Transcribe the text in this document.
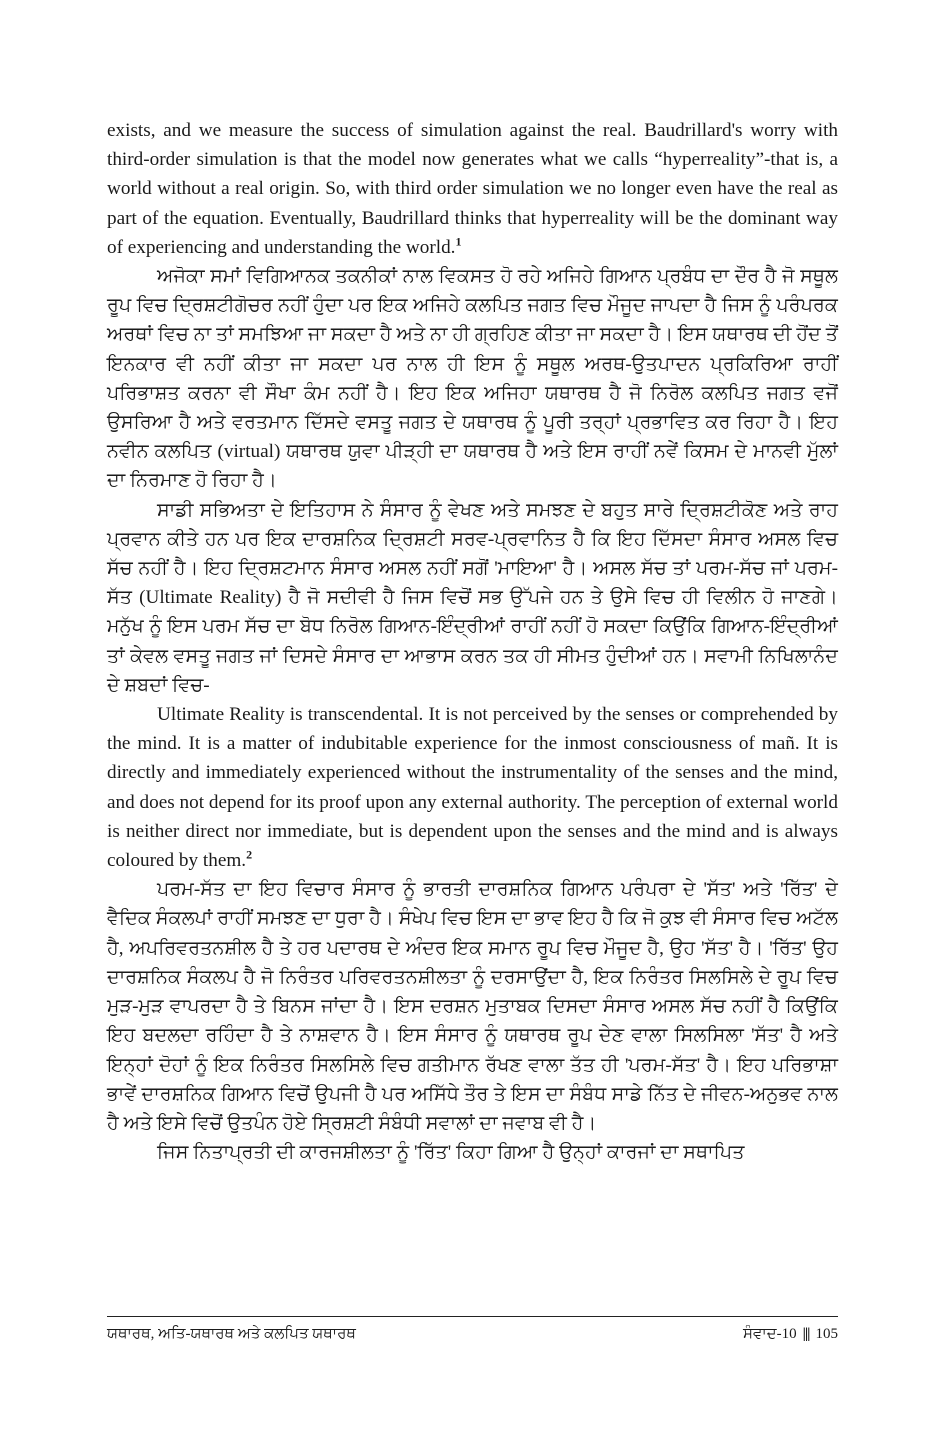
exists, and we measure the success of simulation against the real. Baudrillard's worry with third-order simulation is that the model now generates what we calls “hyperreality”-that is, a world without a real origin. So, with third order simulation we no longer even have the real as part of the equation. Eventually, Baudrillard thinks that hyperreality will be the dominant way of experiencing and understanding the world.$^1$

ਅਜੋਕਾ ਸਮਾਂ ਵਿਗਿਆਨਕ ਤਕਨੀਕਾਂ ਨਾਲ ਵਿਕਸਤ ਹੋ ਰਹੇ ਅਜਿਹੇ ਗਿਆਨ ਪ੍ਰਬੰਧ ਦਾ ਦੌਰ ਹੈ ਜੋ ਸਥੂਲ ਰੂਪ ਵਿਚ ਦ੍ਰਿਸ਼ਟੀਗੋਚਰ ਨਹੀਂ ਹੁੰਦਾ ਪਰ ਇਕ ਅਜਿਹੇ ਕਲਪਿਤ ਜਗਤ ਵਿਚ ਮੌਜੂਦ ਜਾਪਦਾ ਹੈ ਜਿਸ ਨੂੰ ਪਰੰਪਰਕ ਅਰਥਾਂ ਵਿਚ ਨਾ ਤਾਂ ਸਮਝਿਆ ਜਾ ਸਕਦਾ ਹੈ ਅਤੇ ਨਾ ਹੀ ਗ੍ਰਹਿਣ ਕੀਤਾ ਜਾ ਸਕਦਾ ਹੈ। ਇਸ ਯਥਾਰਥ ਦੀ ਹੋਂਦ ਤੋਂ ਇਨਕਾਰ ਵੀ ਨਹੀਂ ਕੀਤਾ ਜਾ ਸਕਦਾ ਪਰ ਨਾਲ ਹੀ ਇਸ ਨੂੰ ਸਥੂਲ ਅਰਥ-ਉਤਪਾਦਨ ਪ੍ਰਕਿਰਿਆ ਰਾਹੀਂ ਪਰਿਭਾਸ਼ਤ ਕਰਨਾ ਵੀ ਸੌਖਾ ਕੰਮ ਨਹੀਂ ਹੈ। ਇਹ ਇਕ ਅਜਿਹਾ ਯਥਾਰਥ ਹੈ ਜੋ ਨਿਰੋਲ ਕਲਪਿਤ ਜਗਤ ਵਜੋਂ ਉਸਰਿਆ ਹੈ ਅਤੇ ਵਰਤਮਾਨ ਦਿੱਸਦੇ ਵਸਤੂ ਜਗਤ ਦੇ ਯਥਾਰਥ ਨੂੰ ਪੂਰੀ ਤਰ੍ਹਾਂ ਪ੍ਰਭਾਵਿਤ ਕਰ ਰਿਹਾ ਹੈ। ਇਹ ਨਵੀਨ ਕਲਪਿਤ (virtual) ਯਥਾਰਥ ਯੁਵਾ ਪੀੜ੍ਹੀ ਦਾ ਯਥਾਰਥ ਹੈ ਅਤੇ ਇਸ ਰਾਹੀਂ ਨਵੇਂ ਕਿਸਮ ਦੇ ਮਾਨਵੀ ਮੁੱਲਾਂ ਦਾ ਨਿਰਮਾਣ ਹੋ ਰਿਹਾ ਹੈ।

ਸਾਡੀ ਸਭਿਅਤਾ ਦੇ ਇਤਿਹਾਸ ਨੇ ਸੰਸਾਰ ਨੂੰ ਵੇਖਣ ਅਤੇ ਸਮਝਣ ਦੇ ਬਹੁਤ ਸਾਰੇ ਦ੍ਰਿਸ਼ਟੀਕੋਣ ਅਤੇ ਰਾਹ ਪ੍ਰਵਾਨ ਕੀਤੇ ਹਨ ਪਰ ਇਕ ਦਾਰਸ਼ਨਿਕ ਦ੍ਰਿਸ਼ਟੀ ਸਰਵ-ਪ੍ਰਵਾਨਿਤ ਹੈ ਕਿ ਇਹ ਦਿੱਸਦਾ ਸੰਸਾਰ ਅਸਲ ਵਿਚ ਸੱਚ ਨਹੀਂ ਹੈ। ਇਹ ਦ੍ਰਿਸ਼ਟਮਾਨ ਸੰਸਾਰ ਅਸਲ ਨਹੀਂ ਸਗੋਂ 'ਮਾਇਆ' ਹੈ। ਅਸਲ ਸੱਚ ਤਾਂ ਪਰਮ-ਸੱਚ ਜਾਂ ਪਰਮ-ਸੱਤ (Ultimate Reality) ਹੈ ਜੋ ਸਦੀਵੀ ਹੈ ਜਿਸ ਵਿਚੋਂ ਸਭ ਉੱਪਜੇ ਹਨ ਤੇ ਉਸੇ ਵਿਚ ਹੀ ਵਿਲੀਨ ਹੋ ਜਾਣਗੇ। ਮਨੁੱਖ ਨੂੰ ਇਸ ਪਰਮ ਸੱਚ ਦਾ ਬੋਧ ਨਿਰੋਲ ਗਿਆਨ-ਇੰਦ੍ਰੀਆਂ ਰਾਹੀਂ ਨਹੀਂ ਹੋ ਸਕਦਾ ਕਿਉਂਕਿ ਗਿਆਨ-ਇੰਦ੍ਰੀਆਂ ਤਾਂ ਕੇਵਲ ਵਸਤੂ ਜਗਤ ਜਾਂ ਦਿਸਦੇ ਸੰਸਾਰ ਦਾ ਆਭਾਸ ਕਰਨ ਤਕ ਹੀ ਸੀਮਤ ਹੁੰਦੀਆਂ ਹਨ। ਸਵਾਮੀ ਨਿਖਿਲਾਨੰਦ ਦੇ ਸ਼ਬਦਾਂ ਵਿਚ-

Ultimate Reality is transcendental. It is not perceived by the senses or comprehended by the mind. It is a matter of indubitable experience for the inmost consciousness of mañ. It is directly and immediately experienced without the instrumentality of the senses and the mind, and does not depend for its proof upon any external authority. The perception of external world is neither direct nor immediate, but is dependent upon the senses and the mind and is always coloured by them.$^2$

ਪਰਮ-ਸੱਤ ਦਾ ਇਹ ਵਿਚਾਰ ਸੰਸਾਰ ਨੂੰ ਭਾਰਤੀ ਦਾਰਸ਼ਨਿਕ ਗਿਆਨ ਪਰੰਪਰਾ ਦੇ 'ਸੱਤ' ਅਤੇ 'ਰਿੱਤ' ਦੇ ਵੈਦਿਕ ਸੰਕਲਪਾਂ ਰਾਹੀਂ ਸਮਝਣ ਦਾ ਧੁਰਾ ਹੈ। ਸੰਖੇਪ ਵਿਚ ਇਸ ਦਾ ਭਾਵ ਇਹ ਹੈ ਕਿ ਜੋ ਕੁਝ ਵੀ ਸੰਸਾਰ ਵਿਚ ਅਟੱਲ ਹੈ, ਅਪਰਿਵਰਤਨਸ਼ੀਲ ਹੈ ਤੇ ਹਰ ਪਦਾਰਥ ਦੇ ਅੰਦਰ ਇਕ ਸਮਾਨ ਰੂਪ ਵਿਚ ਮੌਜੂਦ ਹੈ, ਉਹ 'ਸੱਤ' ਹੈ। 'ਰਿੱਤ' ਉਹ ਦਾਰਸ਼ਨਿਕ ਸੰਕਲਪ ਹੈ ਜੋ ਨਿਰੰਤਰ ਪਰਿਵਰਤਨਸ਼ੀਲਤਾ ਨੂੰ ਦਰਸਾਉਂਦਾ ਹੈ, ਇਕ ਨਿਰੰਤਰ ਸਿਲਸਿਲੇ ਦੇ ਰੂਪ ਵਿਚ ਮੁੜ-ਮੁੜ ਵਾਪਰਦਾ ਹੈ ਤੇ ਬਿਨਸ ਜਾਂਦਾ ਹੈ। ਇਸ ਦਰਸ਼ਨ ਮੁਤਾਬਕ ਦਿਸਦਾ ਸੰਸਾਰ ਅਸਲ ਸੱਚ ਨਹੀਂ ਹੈ ਕਿਉਂਕਿ ਇਹ ਬਦਲਦਾ ਰਹਿੰਦਾ ਹੈ ਤੇ ਨਾਸ਼ਵਾਨ ਹੈ। ਇਸ ਸੰਸਾਰ ਨੂੰ ਯਥਾਰਥ ਰੂਪ ਦੇਣ ਵਾਲਾ ਸਿਲਸਿਲਾ 'ਸੱਤ' ਹੈ ਅਤੇ ਇਨ੍ਹਾਂ ਦੋਹਾਂ ਨੂੰ ਇਕ ਨਿਰੰਤਰ ਸਿਲਸਿਲੇ ਵਿਚ ਗਤੀਮਾਨ ਰੱਖਣ ਵਾਲਾ ਤੱਤ ਹੀ 'ਪਰਮ-ਸੱਤ' ਹੈ। ਇਹ ਪਰਿਭਾਸ਼ਾ ਭਾਵੇਂ ਦਾਰਸ਼ਨਿਕ ਗਿਆਨ ਵਿਚੋਂ ਉਪਜੀ ਹੈ ਪਰ ਅਸਿੱਧੇ ਤੌਰ ਤੇ ਇਸ ਦਾ ਸੰਬੰਧ ਸਾਡੇ ਨਿੱਤ ਦੇ ਜੀਵਨ-ਅਨੁਭਵ ਨਾਲ ਹੈ ਅਤੇ ਇਸੇ ਵਿਚੋਂ ਉਤਪੰਨ ਹੋਏ ਸ੍ਰਿਸ਼ਟੀ ਸੰਬੰਧੀ ਸਵਾਲਾਂ ਦਾ ਜਵਾਬ ਵੀ ਹੈ।

ਜਿਸ ਨਿਤਾਪ੍ਰਤੀ ਦੀ ਕਾਰਜਸ਼ੀਲਤਾ ਨੂੰ 'ਰਿੱਤ' ਕਿਹਾ ਗਿਆ ਹੈ ਉਨ੍ਹਾਂ ਕਾਰਜਾਂ ਦਾ ਸਥਾਪਿਤ

ਯਥਾਰਥ, ਅਤਿ-ਯਥਾਰਥ ਅਤੇ ਕਲਪਿਤ ਯਥਾਰਥ	ਸੰਵਾਦ-10 ||| 105
